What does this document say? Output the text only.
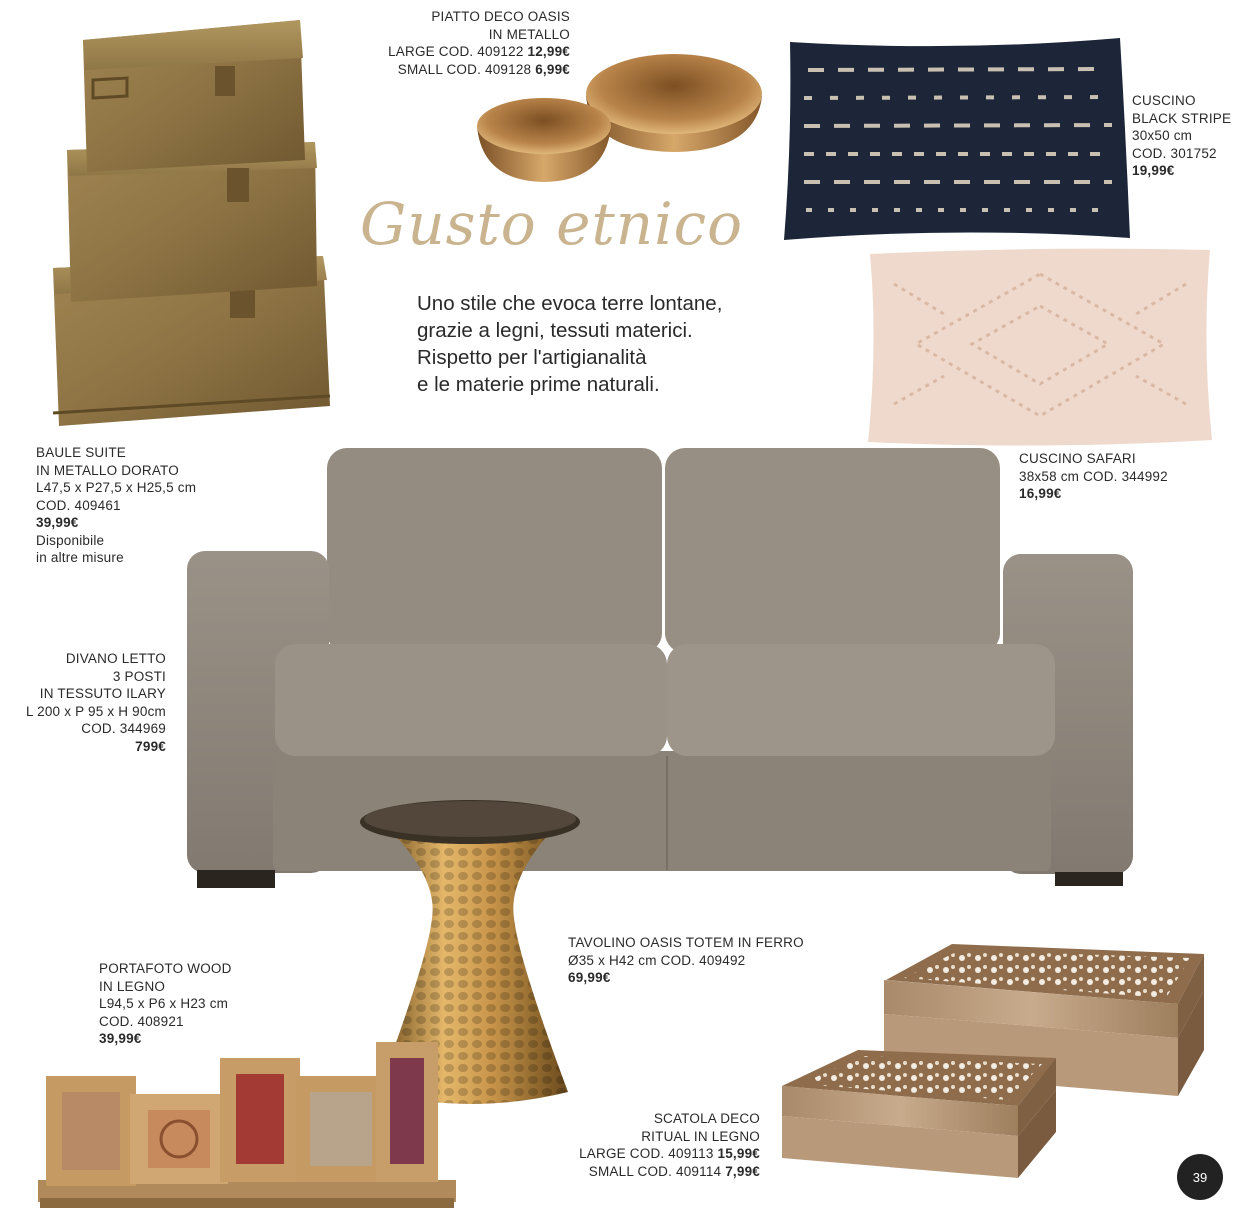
Gusto etnico
Uno stile che evoca terre lontane,
grazie a legni, tessuti materici.
Rispetto per l'artigianalità
e le materie prime naturali.
PIATTO DECO OASIS
IN METALLO
LARGE COD. 409122 12,99€
SMALL COD. 409128 6,99€
CUSCINO
BLACK STRIPE
30x50 cm
COD. 301752
19,99€
BAULE SUITE
IN METALLO DORATO
L47,5 x P27,5 x H25,5 cm
COD. 409461
39,99€
Disponibile
in altre misure
CUSCINO SAFARI
38x58 cm COD. 344992
16,99€
DIVANO LETTO
3 POSTI
IN TESSUTO ILARY
L 200 x P 95 x H 90cm
COD. 344969
799€
TAVOLINO OASIS TOTEM IN FERRO
Ø35 x H42 cm COD. 409492
69,99€
PORTAFOTO WOOD
IN LEGNO
L94,5 x P6 x H23 cm
COD. 408921
39,99€
SCATOLA DECO
RITUAL IN LEGNO
LARGE COD. 409113 15,99€
SMALL COD. 409114 7,99€	39
